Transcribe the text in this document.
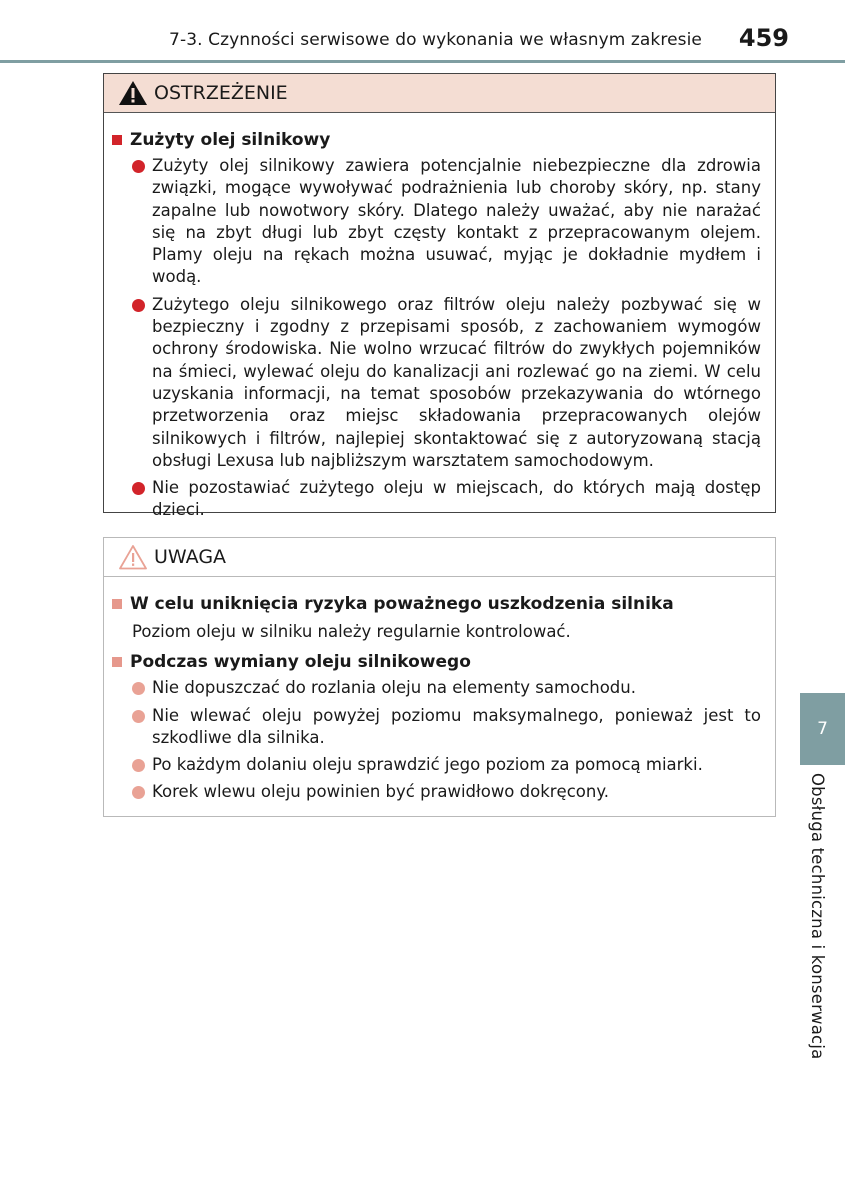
7-3. Czynności serwisowe do wykonania we własnym zakresie 459
OSTRZEŻENIE
Zużyty olej silnikowy
Zużyty olej silnikowy zawiera potencjalnie niebezpieczne dla zdrowia związki, mogące wywoływać podrażnienia lub choroby skóry, np. stany zapalne lub nowotwory skóry. Dlatego należy uważać, aby nie narażać się na zbyt długi lub zbyt częsty kontakt z przepracowanym olejem. Plamy oleju na rękach można usuwać, myjąc je dokładnie mydłem i wodą.
Zużytego oleju silnikowego oraz filtrów oleju należy pozbywać się w bezpieczny i zgodny z przepisami sposób, z zachowaniem wymogów ochrony środowiska. Nie wolno wrzucać filtrów do zwykłych pojemników na śmieci, wylewać oleju do kanalizacji ani rozlewać go na ziemi. W celu uzyskania informacji, na temat sposobów przekazywania do wtórnego przetworzenia oraz miejsc składowania przepracowanych olejów silnikowych i filtrów, najlepiej skontaktować się z autoryzowaną stacją obsługi Lexusa lub najbliższym warsztatem samochodowym.
Nie pozostawiać zużytego oleju w miejscach, do których mają dostęp dzieci.
UWAGA
W celu uniknięcia ryzyka poważnego uszkodzenia silnika
Poziom oleju w silniku należy regularnie kontrolować.
Podczas wymiany oleju silnikowego
Nie dopuszczać do rozlania oleju na elementy samochodu.
Nie wlewać oleju powyżej poziomu maksymalnego, ponieważ jest to szkodliwe dla silnika.
Po każdym dolaniu oleju sprawdzić jego poziom za pomocą miarki.
Korek wlewu oleju powinien być prawidłowo dokręcony.
7
Obsługa techniczna i konserwacja
